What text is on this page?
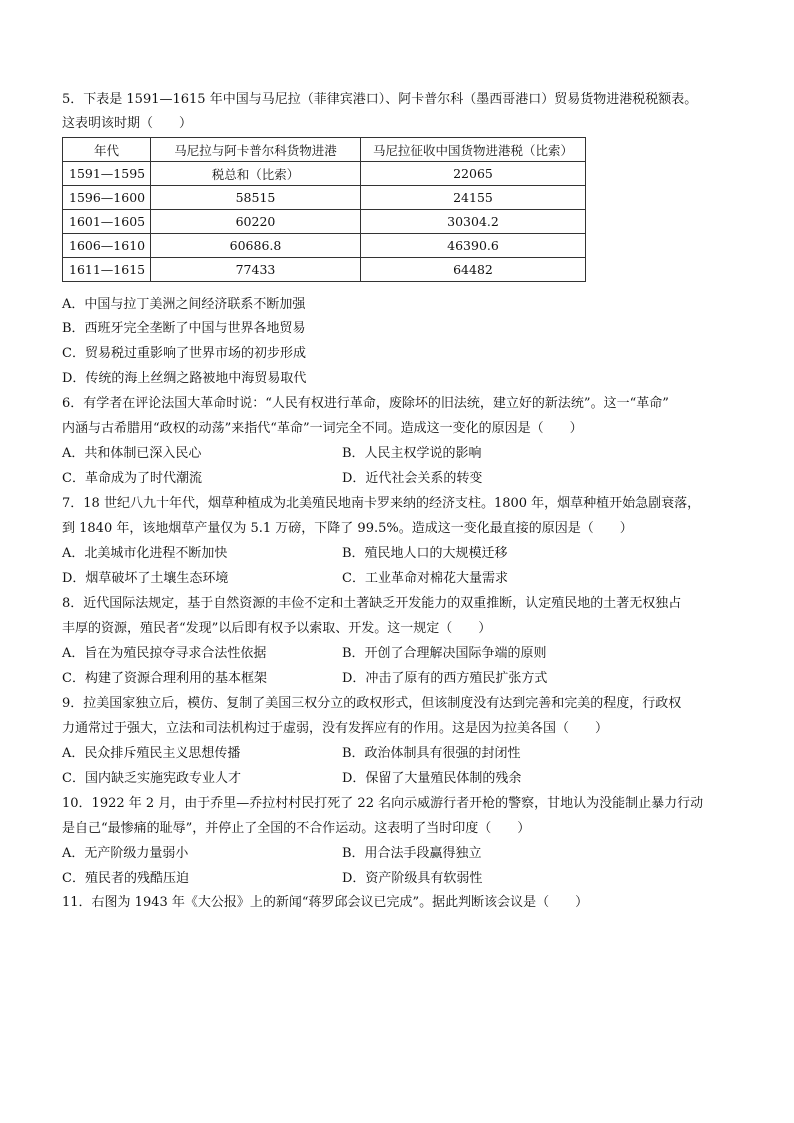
5．下表是 1591—1615 年中国与马尼拉（菲律宾港口）、阿卡普尔科（墨西哥港口）贸易货物进港税税额表。
这表明该时期（　　）
年代	马尼拉与阿卡普尔科货物进港	马尼拉征收中国货物进港税（比索）
1591—1595	税总和（比索）	22065
1596—1600	58515	24155
1601—1605	60220	30304.2
1606—1610	60686.8	46390.6
1611—1615	77433	64482
A．中国与拉丁美洲之间经济联系不断加强
B．西班牙完全垄断了中国与世界各地贸易
C．贸易税过重影响了世界市场的初步形成
D．传统的海上丝绸之路被地中海贸易取代
6．有学者在评论法国大革命时说：“人民有权进行革命，废除坏的旧法统，建立好的新法统”。这一“革命”
内涵与古希腊用“政权的动荡”来指代“革命”一词完全不同。造成这一变化的原因是（　　）
A．共和体制已深入民心	B．人民主权学说的影响
C．革命成为了时代潮流	D．近代社会关系的转变
7．18 世纪八九十年代，烟草种植成为北美殖民地南卡罗来纳的经济支柱。1800 年，烟草种植开始急剧衰落，
到 1840 年，该地烟草产量仅为 5.1 万磅，下降了 99.5%。造成这一变化最直接的原因是（　　）
A．北美城市化进程不断加快	B．殖民地人口的大规模迁移
D．烟草破坏了土壤生态环境	C．工业革命对棉花大量需求
8．近代国际法规定，基于自然资源的丰俭不定和土著缺乏开发能力的双重推断，认定殖民地的土著无权独占
丰厚的资源，殖民者“发现”以后即有权予以索取、开发。这一规定（　　）
A．旨在为殖民掠夺寻求合法性依据	B．开创了合理解决国际争端的原则
C．构建了资源合理利用的基本框架	D．冲击了原有的西方殖民扩张方式
9．拉美国家独立后，模仿、复制了美国三权分立的政权形式，但该制度没有达到完善和完美的程度，行政权
力通常过于强大，立法和司法机构过于虚弱，没有发挥应有的作用。这是因为拉美各国（　　）
A．民众排斥殖民主义思想传播	B．政治体制具有很强的封闭性
C．国内缺乏实施宪政专业人才	D．保留了大量殖民体制的残余
10．1922 年 2 月，由于乔里—乔拉村村民打死了 22 名向示威游行者开枪的警察，甘地认为没能制止暴力行动
是自己“最惨痛的耻辱”，并停止了全国的不合作运动。这表明了当时印度（　　）
A．无产阶级力量弱小	B．用合法手段赢得独立
C．殖民者的残酷压迫	D．资产阶级具有软弱性
11．右图为 1943 年《大公报》上的新闻“蒋罗邱会议已完成”。据此判断该会议是（　　）
